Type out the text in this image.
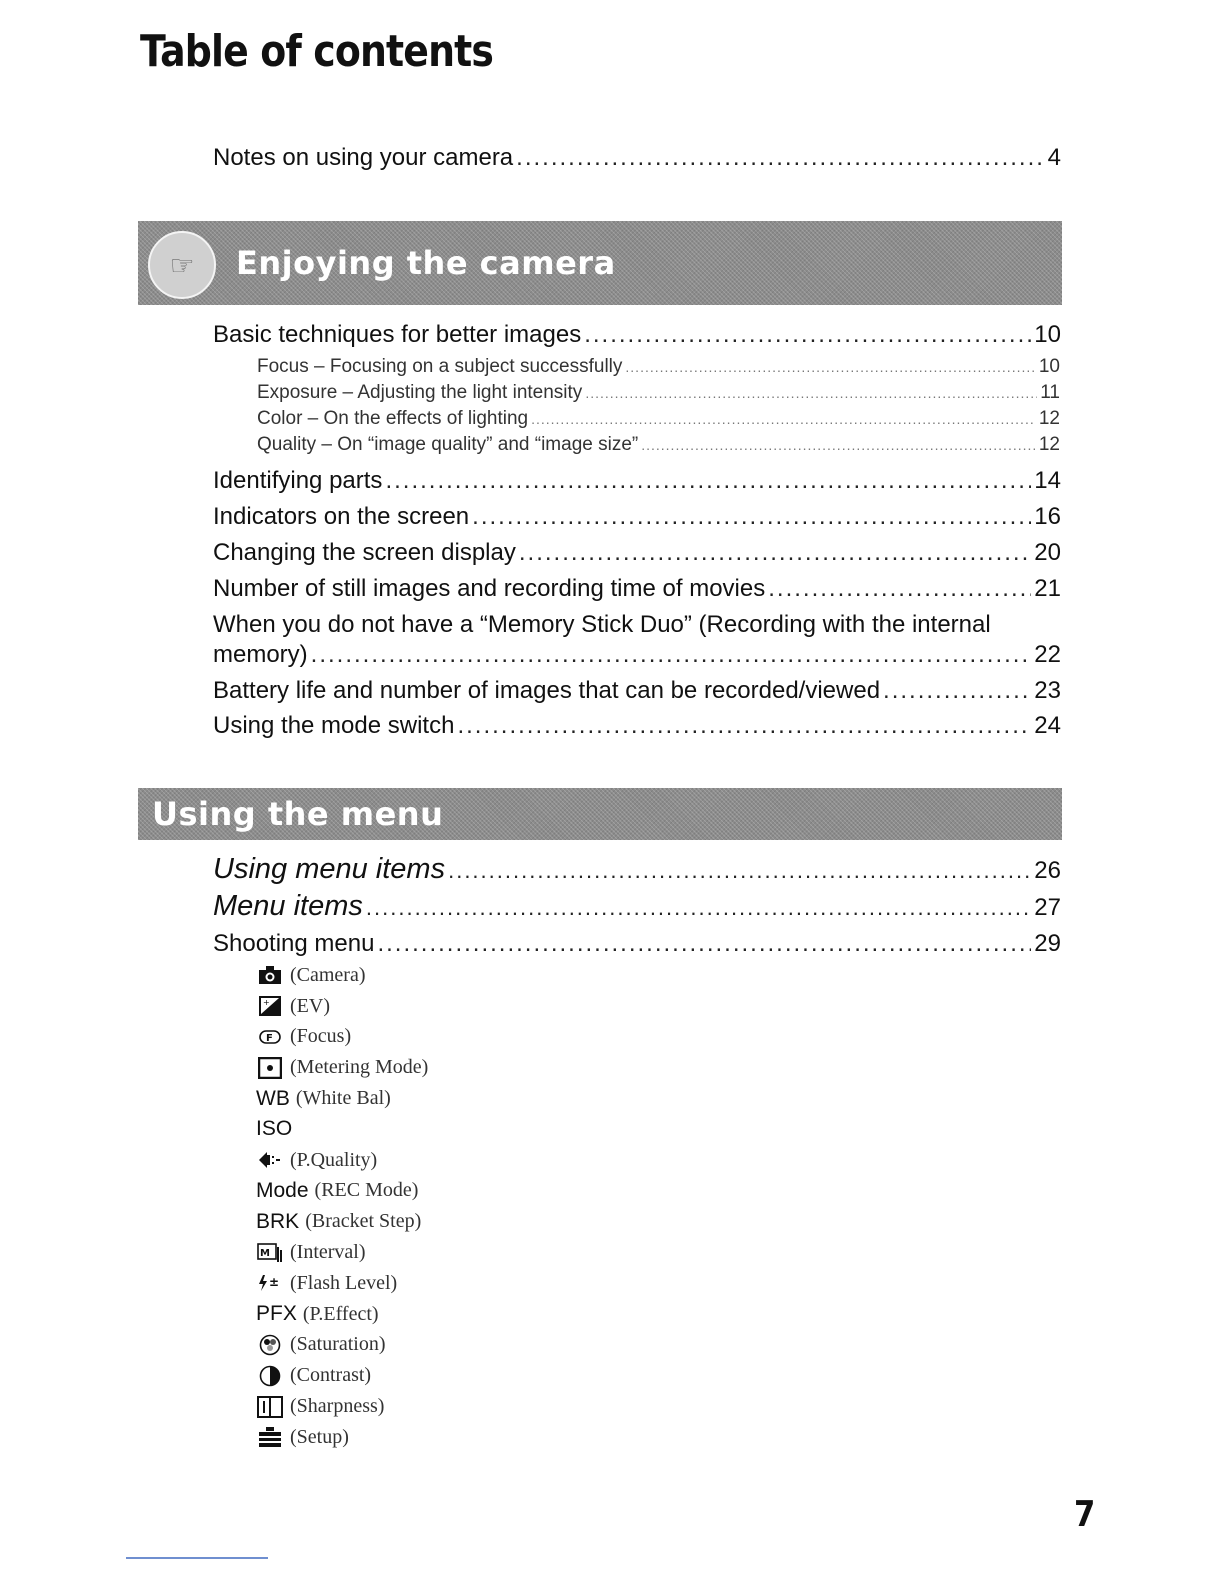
Table of contents
Notes on using your camera .....	4
☞	Enjoying the camera
Basic techniques for better images .....	10
Focus – Focusing on a subject successfully .....	10
Exposure – Adjusting the light intensity .....	11
Color – On the effects of lighting .....	12
Quality – On “image quality” and “image size” .....	12
Identifying parts .....	14
Indicators on the screen .....	16
Changing the screen display .....	20
Number of still images and recording time of movies .....	21
When you do not have a “Memory Stick Duo” (Recording with the internal
memory) .....	22
Battery life and number of images that can be recorded/viewed .....	23
Using the mode switch .....	24
Using the menu
Using menu items .....	26
Menu items .....	27
Shooting menu .....	29
(Camera)
+ (EV)
F (Focus)
(Metering Mode)
WB (White Bal)
ISO
(P.Quality)
Mode (REC Mode)
BRK (Bracket Step)
M (Interval)
± (Flash Level)
PFX (P.Effect)
(Saturation)
(Contrast)
(Sharpness)
(Setup)
7
